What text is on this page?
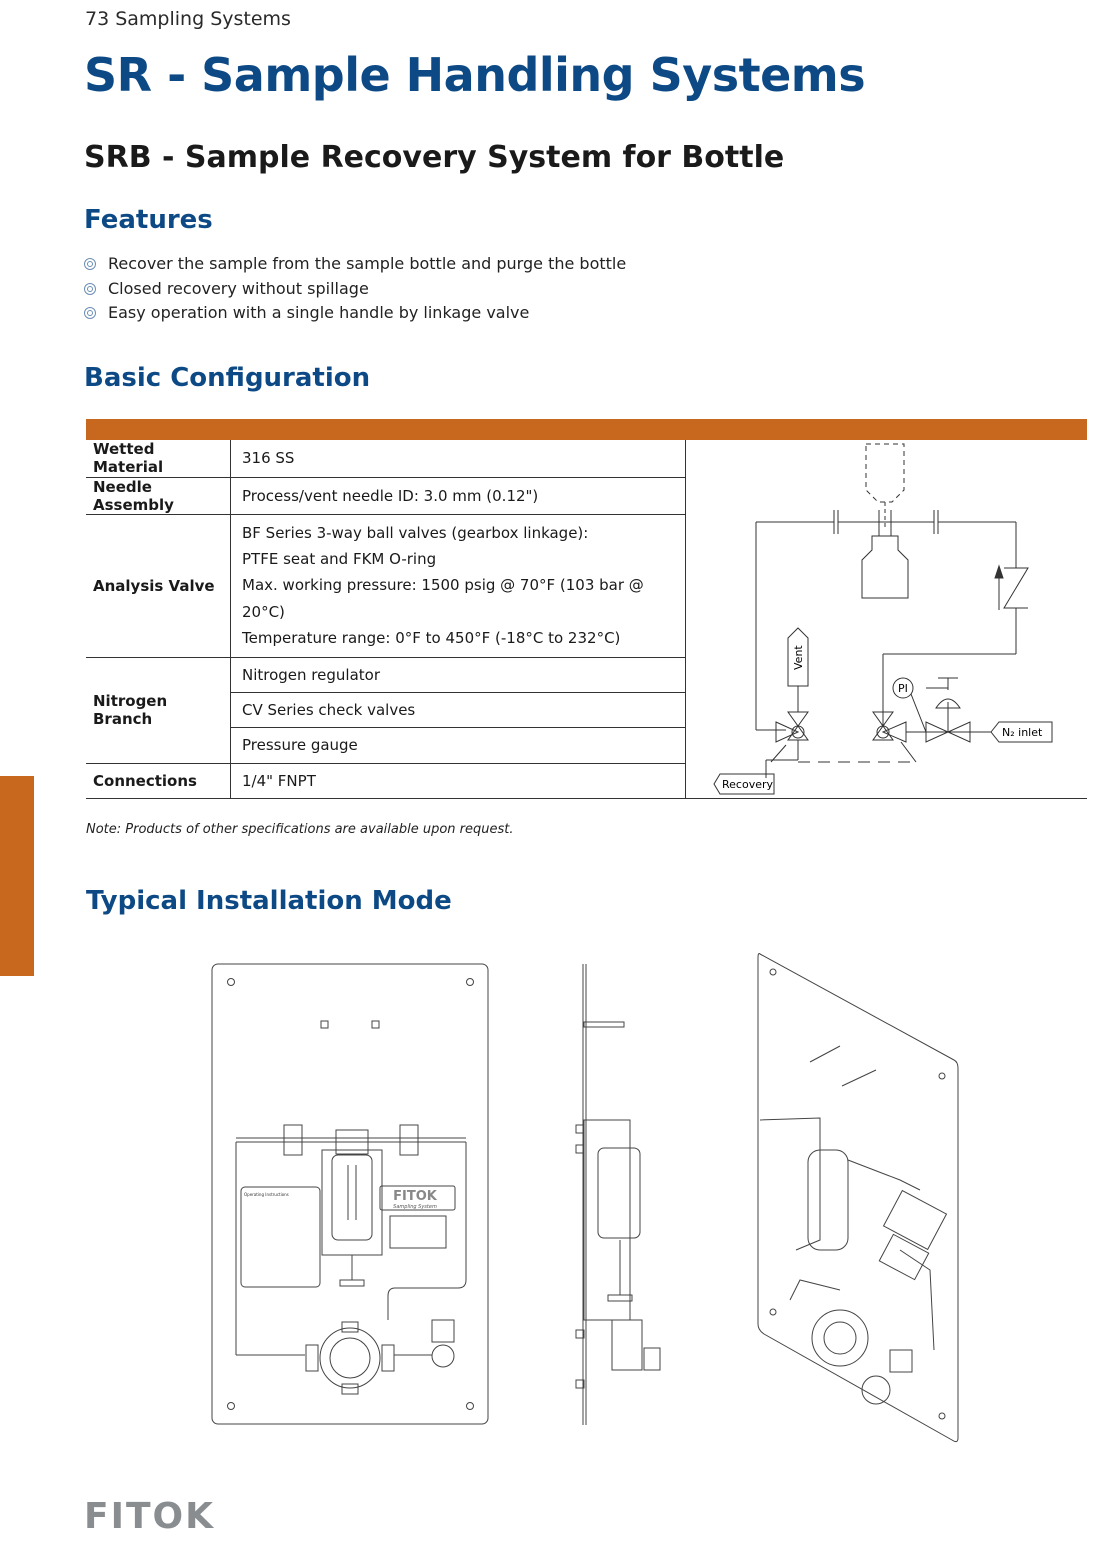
73 Sampling Systems
SR - Sample Handling Systems
SRB - Sample Recovery System for Bottle
Features
Recover the sample from the sample bottle and purge the bottle
Closed recovery without spillage
Easy operation with a single handle by linkage valve
Basic Configuration
Wetted Material	316 SS
Needle Assembly	Process/vent needle ID: 3.0 mm (0.12")
Analysis Valve	BF Series 3-way ball valves (gearbox linkage):
PTFE seat and FKM O-ring
Max. working pressure: 1500 psig @ 70°F (103 bar @ 20°C)
Temperature range: 0°F to 450°F (-18°C to 232°C)

Nitrogen Branch	Nitrogen regulator
	CV Series check valves
	Pressure gauge
Connections	1/4" FNPT
Vent
PI
N₂ inlet
Recovery
Note: Products of other specifications are available upon request.
Typical Installation Mode
FITOK
Sampling System
Operating Instructions
FITOK
